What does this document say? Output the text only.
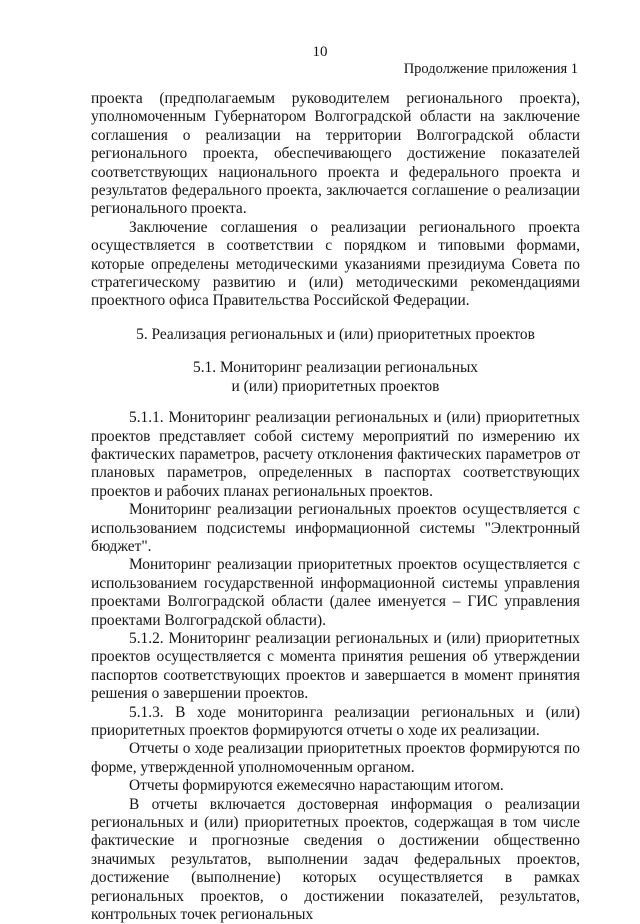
10
Продолжение приложения 1

проекта (предполагаемым руководителем регионального проекта), уполномоченным Губернатором Волгоградской области на заключение соглашения о реализации на территории Волгоградской области регионального проекта, обеспечивающего достижение показателей соответствующих национального проекта и федерального проекта и результатов федерального проекта, заключается соглашение о реализации регионального проекта.

Заключение соглашения о реализации регионального проекта осуществляется в соответствии с порядком и типовыми формами, которые определены методическими указаниями президиума Совета по стратегическому развитию и (или) методическими рекомендациями проектного офиса Правительства Российской Федерации.

5. Реализация региональных и (или) приоритетных проектов

5.1. Мониторинг реализации региональных

и (или) приоритетных проектов

5.1.1. Мониторинг реализации региональных и (или) приоритетных проектов представляет собой систему мероприятий по измерению их фактических параметров, расчету отклонения фактических параметров от плановых параметров, определенных в паспортах соответствующих проектов и рабочих планах региональных проектов.

Мониторинг реализации региональных проектов осуществляется с использованием подсистемы информационной системы "Электронный бюджет".

Мониторинг реализации приоритетных проектов осуществляется с использованием государственной информационной системы управления проектами Волгоградской области (далее именуется – ГИС управления проектами Волгоградской области).

5.1.2. Мониторинг реализации региональных и (или) приоритетных проектов осуществляется с момента принятия решения об утверждении паспортов соответствующих проектов и завершается в момент принятия решения о завершении проектов.

5.1.3. В ходе мониторинга реализации региональных и (или) приоритетных проектов формируются отчеты о ходе их реализации.

Отчеты о ходе реализации приоритетных проектов формируются по форме, утвержденной уполномоченным органом.

Отчеты формируются ежемесячно нарастающим итогом.

В отчеты включается достоверная информация о реализации региональных и (или) приоритетных проектов, содержащая в том числе фактические и прогнозные сведения о достижении общественно значимых результатов, выполнении задач федеральных проектов, достижение (выполнение) которых осуществляется в рамках региональных проектов, о достижении показателей, результатов, контрольных точек региональных
